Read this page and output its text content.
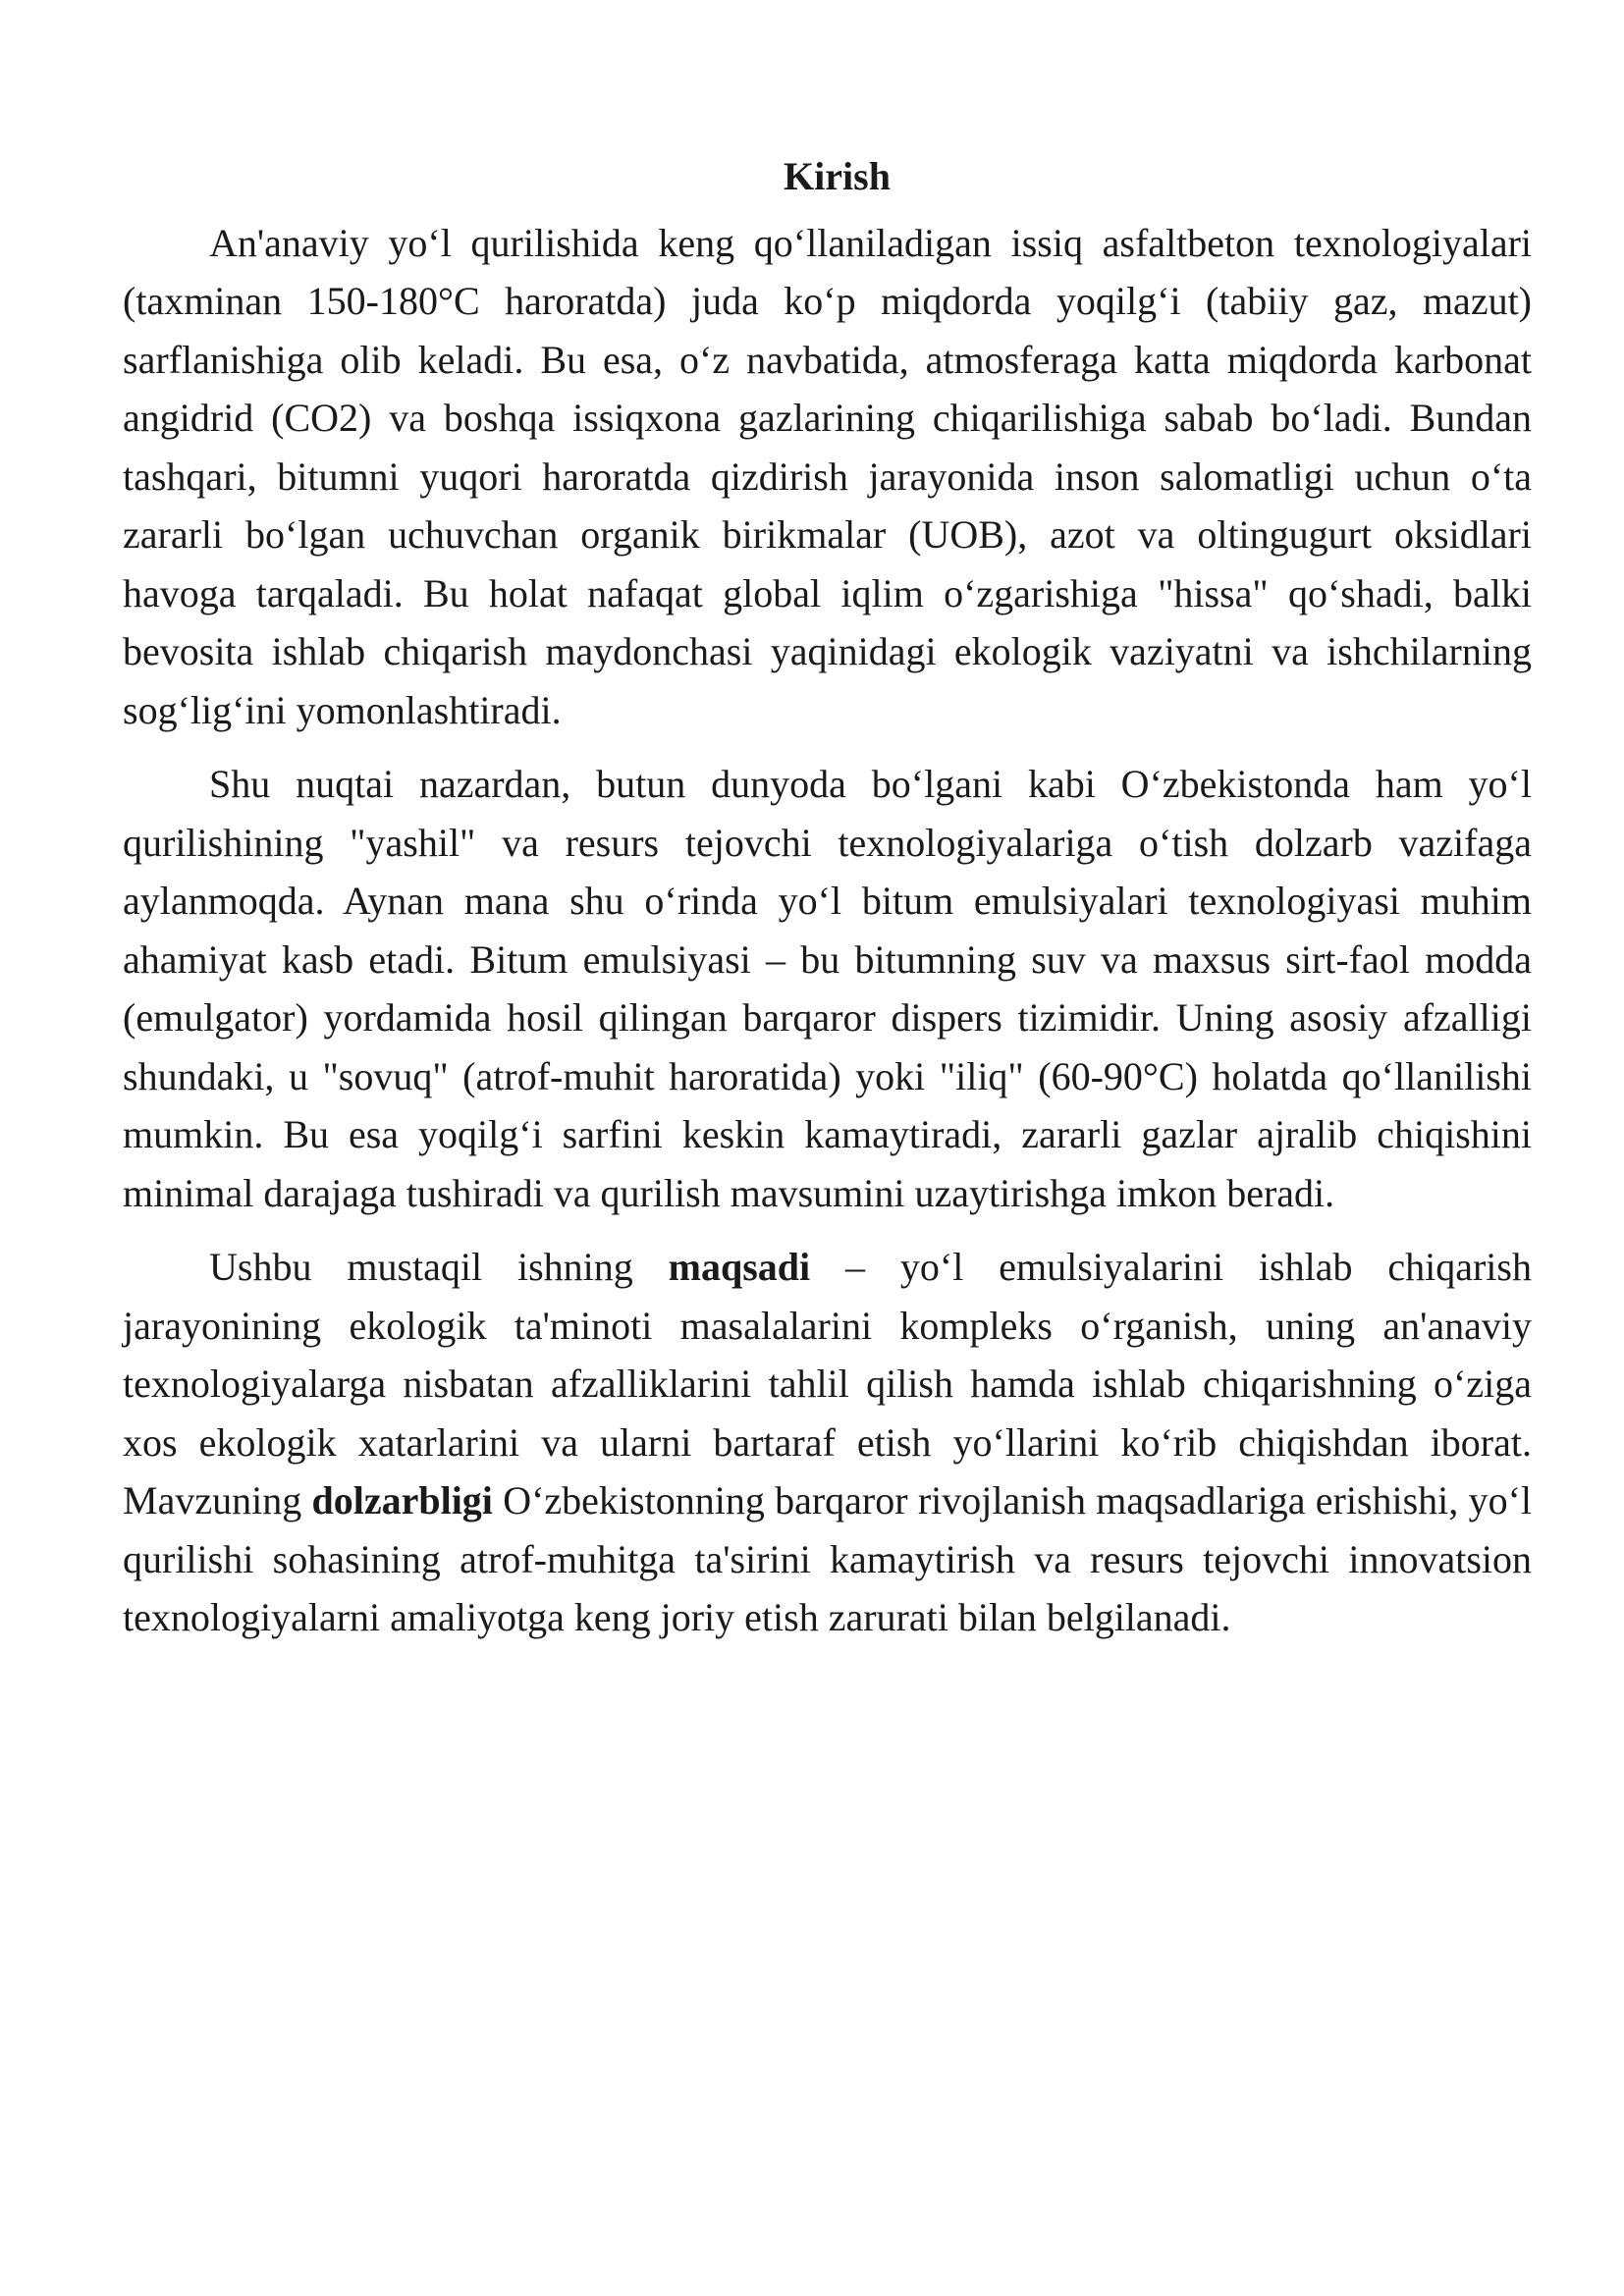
Kirish

An'anaviy yo‘l qurilishida keng qo‘llaniladigan issiq asfaltbeton texnologiyalari (taxminan 150-180°C haroratda) juda ko‘p miqdorda yoqilg‘i (tabiiy gaz, mazut) sarflanishiga olib keladi. Bu esa, o‘z navbatida, atmosferaga katta miqdorda karbonat angidrid (CO2) va boshqa issiqxona gazlarining chiqarilishiga sabab bo‘ladi. Bundan tashqari, bitumni yuqori haroratda qizdirish jarayonida inson salomatligi uchun o‘ta zararli bo‘lgan uchuvchan organik birikmalar (UOB), azot va oltingugurt oksidlari havoga tarqaladi. Bu holat nafaqat global iqlim o‘zgarishiga "hissa" qo‘shadi, balki bevosita ishlab chiqarish maydonchasi yaqinidagi ekologik vaziyatni va ishchilarning sog‘lig‘ini yomonlashtiradi.

Shu nuqtai nazardan, butun dunyoda bo‘lgani kabi O‘zbekistonda ham yo‘l qurilishining "yashil" va resurs tejovchi texnologiyalariga o‘tish dolzarb vazifaga aylanmoqda. Aynan mana shu o‘rinda yo‘l bitum emulsiyalari texnologiyasi muhim ahamiyat kasb etadi. Bitum emulsiyasi – bu bitumning suv va maxsus sirt-faol modda (emulgator) yordamida hosil qilingan barqaror dispers tizimidir. Uning asosiy afzalligi shundaki, u "sovuq" (atrof-muhit haroratida) yoki "iliq" (60-90°C) holatda qo‘llanilishi mumkin. Bu esa yoqilg‘i sarfini keskin kamaytiradi, zararli gazlar ajralib chiqishini minimal darajaga tushiradi va qurilish mavsumini uzaytirishga imkon beradi.

Ushbu mustaqil ishning maqsadi – yo‘l emulsiyalarini ishlab chiqarish jarayonining ekologik ta'minoti masalalarini kompleks o‘rganish, uning an'anaviy texnologiyalarga nisbatan afzalliklarini tahlil qilish hamda ishlab chiqarishning o‘ziga xos ekologik xatarlarini va ularni bartaraf etish yo‘llarini ko‘rib chiqishdan iborat. Mavzuning dolzarbligi O‘zbekistonning barqaror rivojlanish maqsadlariga erishishi, yo‘l qurilishi sohasining atrof-muhitga ta'sirini kamaytirish va resurs tejovchi innovatsion texnologiyalarni amaliyotga keng joriy etish zarurati bilan belgilanadi.
